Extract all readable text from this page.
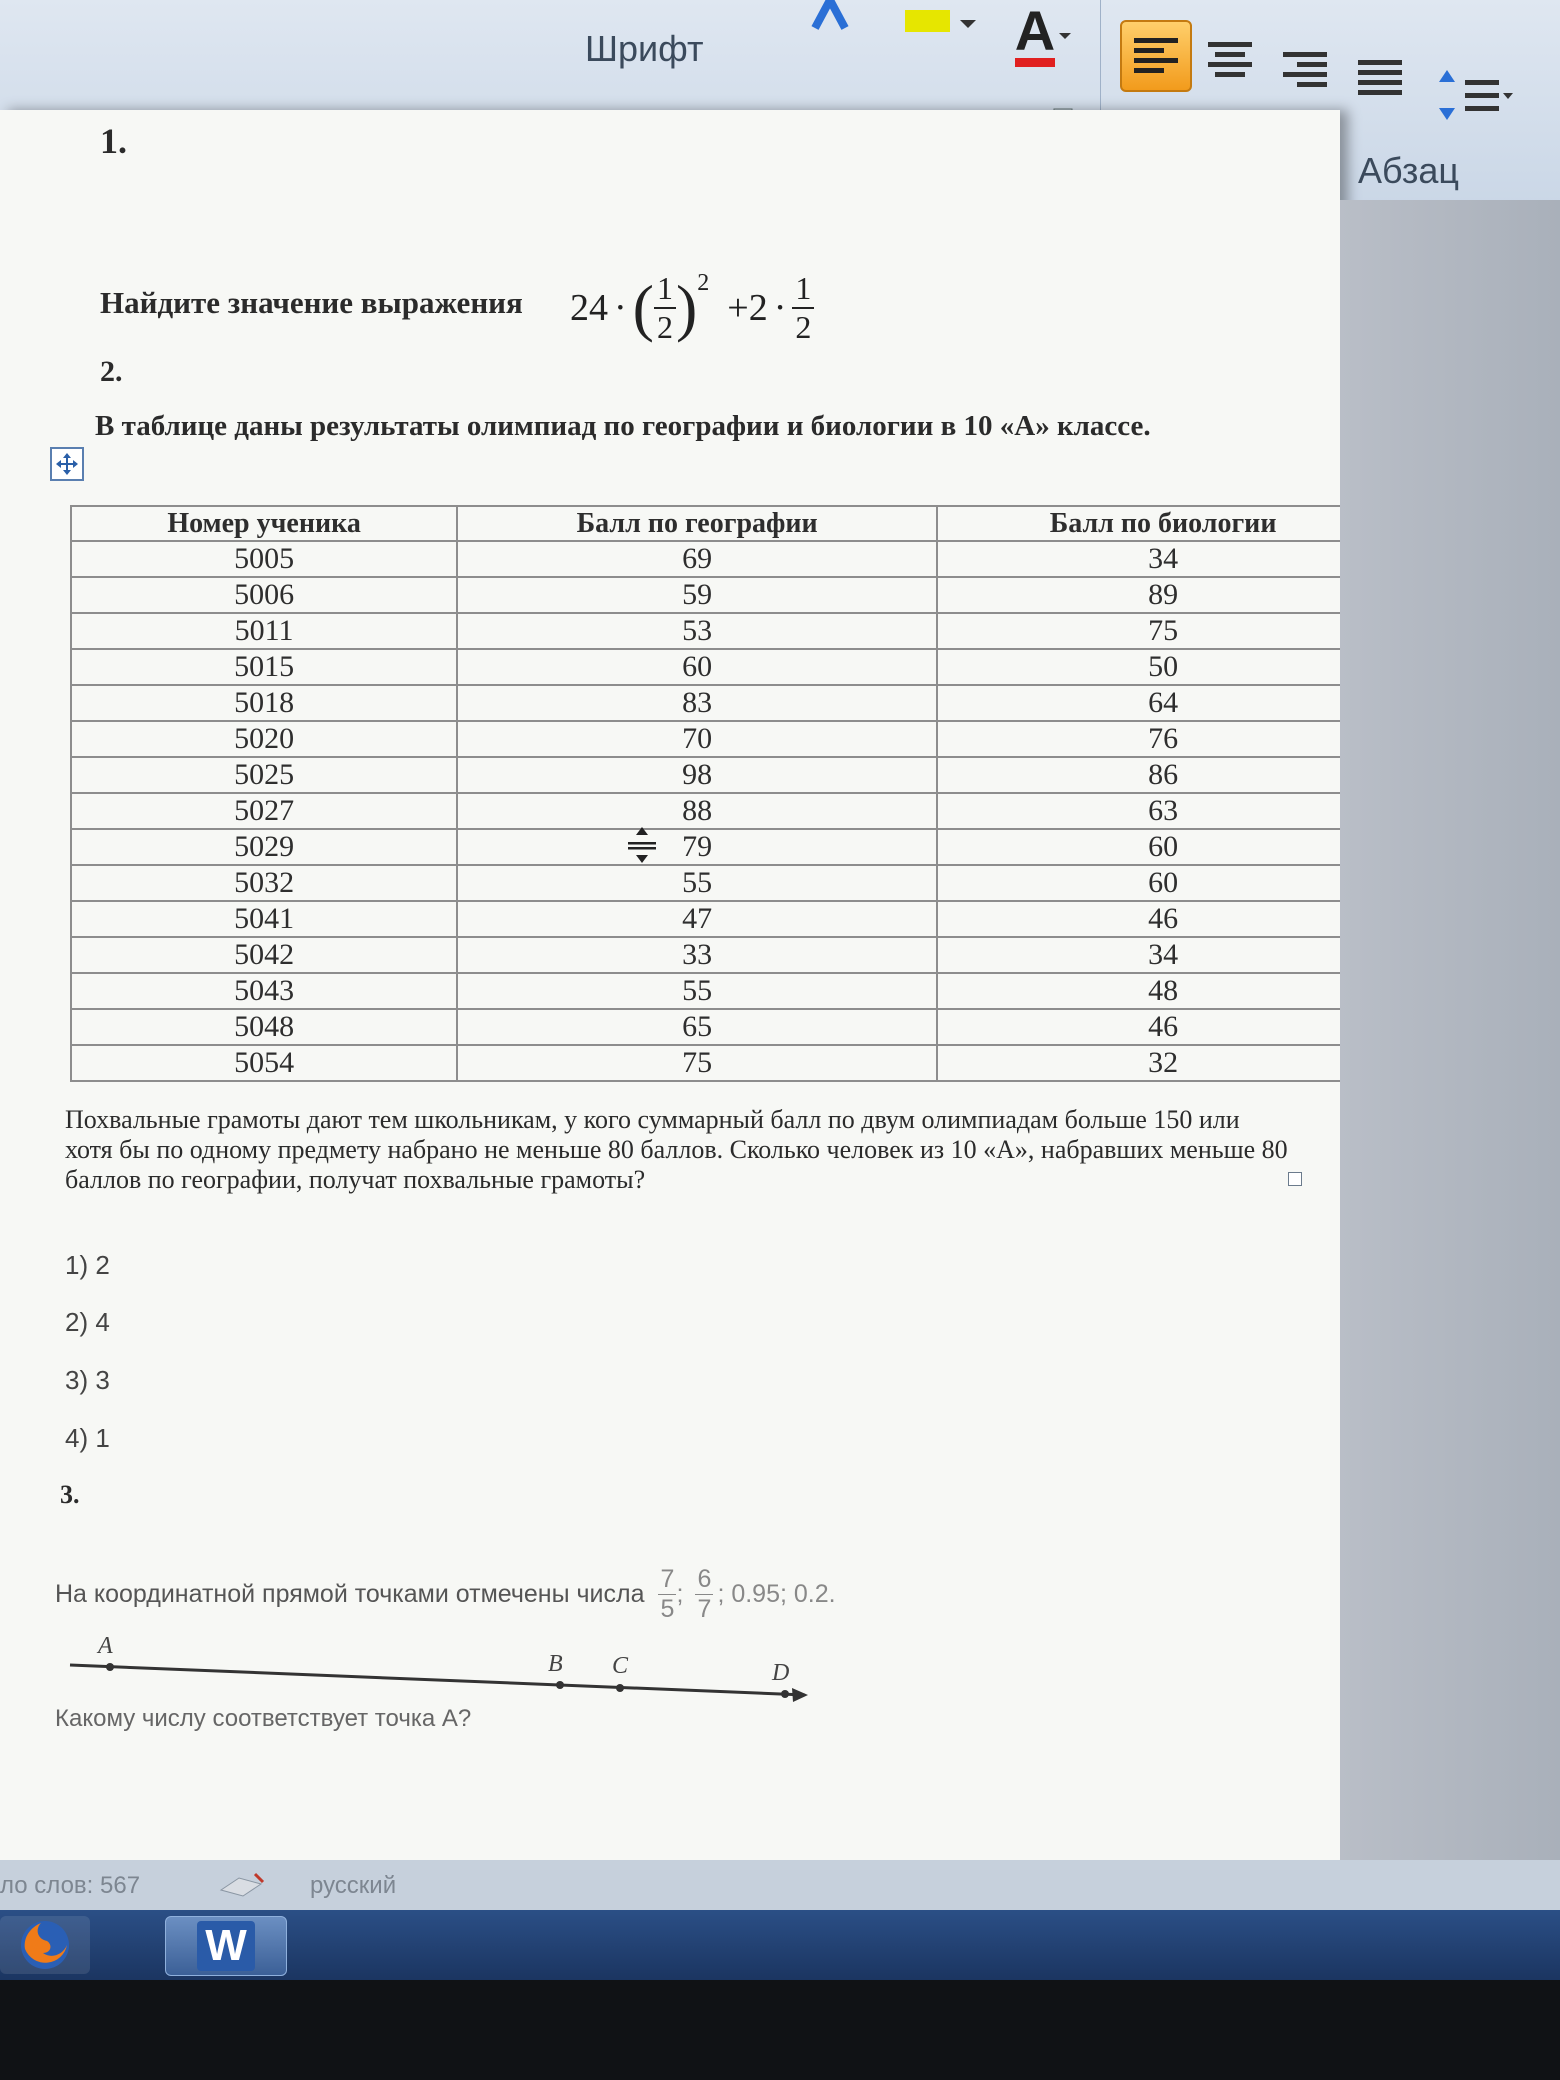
A
Шрифт
Абзац
1.
Найдите значение выражения 24 · ( 1
2 )$^2$
+2 · 1
2
2.
В таблице даны результаты олимпиад по географии и биологии в 10 «А» классе.
Номер ученика	Балл по географии	Балл по биологии
5005	69	34
5006	59	89
5011	53	75
5015	60	50
5018	83	64
5020	70	76
5025	98	86
5027	88	63
5029	79	60
5032	55	60
5041	47	46
5042	33	34
5043	55	48
5048	65	46
5054	75	32
Похвальные грамоты дают тем школьникам, у кого суммарный балл по двум олимпиадам больше 150 или хотя бы по одному предмету набрано не меньше 80 баллов. Сколько человек из 10 «А», набравших меньше 80 баллов по географии, получат похвальные грамоты?
1) 2
2) 4
3) 3
4) 1
3.
На координатной прямой точками отмечены числа
7
5
;
6
7
; 0.95; 0.2.
A
B C	D
Какому числу соответствует точка A?
ло слов: 567	русский
W
